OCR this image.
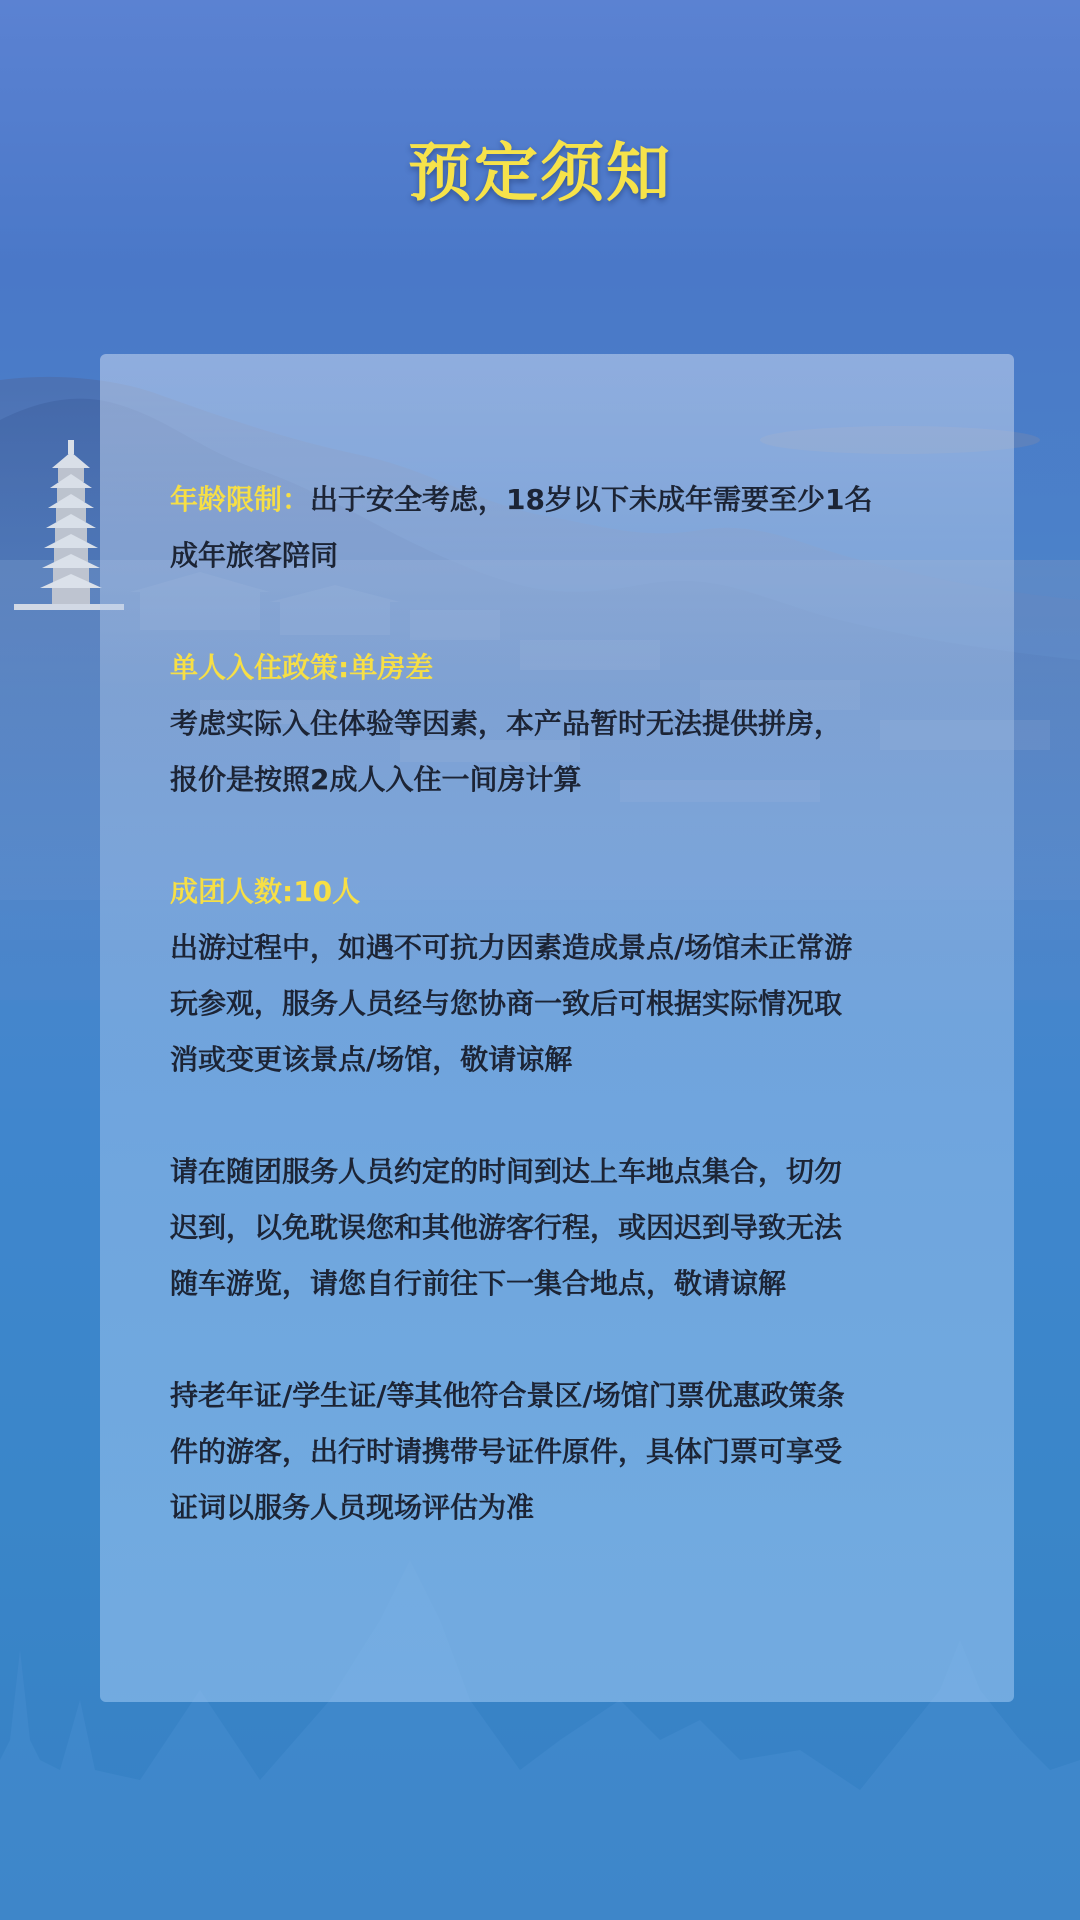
预定须知

年龄限制：出于安全考虑，18岁以下未成年需要至少1名

成年旅客陪同

单人入住政策:单房差

考虑实际入住体验等因素，本产品暂时无法提供拼房，

报价是按照2成人入住一间房计算

成团人数:10人

出游过程中，如遇不可抗力因素造成景点/场馆未正常游

玩参观，服务人员经与您协商一致后可根据实际情况取

消或变更该景点/场馆，敬请谅解

请在随团服务人员约定的时间到达上车地点集合，切勿

迟到，以免耽误您和其他游客行程，或因迟到导致无法

随车游览，请您自行前往下一集合地点，敬请谅解

持老年证/学生证/等其他符合景区/场馆门票优惠政策条

件的游客，出行时请携带号证件原件，具体门票可享受

证词以服务人员现场评估为准
